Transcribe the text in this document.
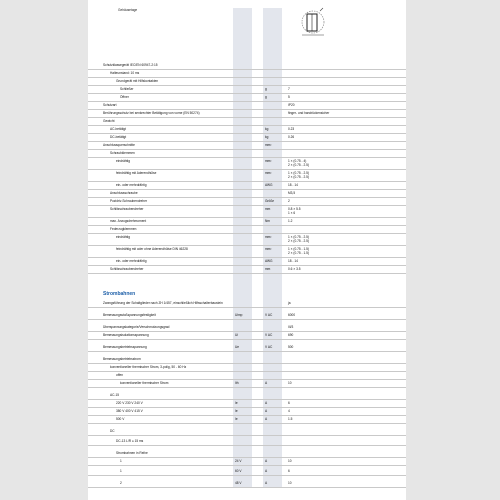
Gehäusetage
Strombahnen
Schutzklassegerät IEC/EN 60947-2:15
Halteunstand: 10 ms
Grundgerät mit Hilfskontakten
Schließer	g	7
Öffner	g	5
Schutzart	IP20
Berührungsschutz bei senkrechter Betätigung von vorne (EN 50274)	finger- und handrückensicher
Gewicht
AC-betätigt	kg	0.23
DC-betätigt	kg	0.26
Anschlussquerschnitte	mm²
Schraubklemmen
eindrähtig	mm²	1 × (0.75 - 4)
2 × (0.75 - 2.5)
feindrähtig mit Aderendhülse	mm²	1 × (0.75 - 2.5)
2 × (0.75 - 2.5)
ein- oder mehrdrähtig	AWG	18 - 14
Anschlussschraube	M3,5
Pozidriv-Schraubendreher	Größe	2
Schlitzschraubendreher	mm	0.8 × 5.5
1 × 6
max. Anzugsdrehmoment	Nm	1.2
Federzugklemmen
eindrähtig	mm²	1 × (0.75 - 2.5)
2 × (0.75 - 2.5)
feindrähtig mit oder ohne Aderendhülse DIN 46228	mm²	1 × (0.75 - 1.5)
2 × (0.75 - 1.5)
ein- oder mehrdrähtig	AWG	18 - 14
Schlitzschraubendreher	mm	0.6 × 3.5
Zwangsführung der Schaltglieder nach ZH 1/457, einschließlich Hilfsschalterbaustein	ja
Bemessungsstoßspannungsfestigkeit	Uimp	V AC	6000
Überspannungskategorie/Verschmutzungsgrad	III/3
Bemessungsisolationsspannung	Ui	V AC	690
Bemessungsbetriebsspannung	Ue	V AC	500
Bemessungsbetriebsstrom
konventioneller thermischer Strom, 3-polig, 50 - 60 Hz
offen
konventioneller thermischer Strom	Ith	A	10
AC-15
220 V 230 V 240 V	Ie	A	6
380 V 400 V 415 V	Ie	A	4
500 V	Ie	A	1.5
DC
DC-13 L/R ≤ 15 ms
Strombahnen in Reihe
1	24 V	A	10
1	60 V	A	6
2	48 V	A	10
